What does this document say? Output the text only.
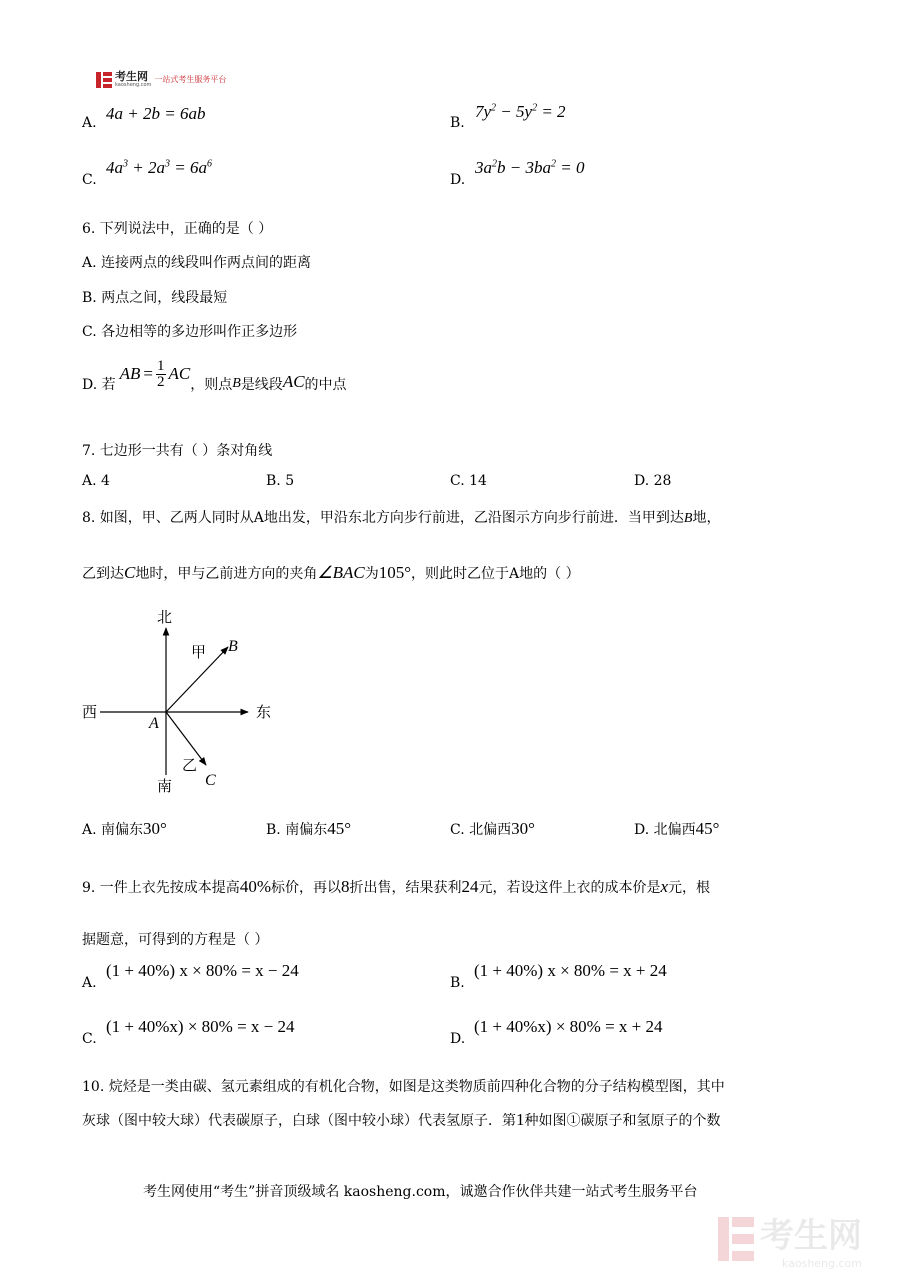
考生网
kaosheng.com
一站式考生服务平台
A. 4a + 2b = 6ab	B.
$7y^2 - 5y^2 = 2$
C.
$4a^3 + 2a^3 = 6a^6$
D.
$3a^2b - 3ba^2 = 0$
6. 下列说法中，正确的是（ ）
A. 连接两点的线段叫作两点间的距离
B. 两点之间，线段最短
C. 各边相等的多边形叫作正多边形
D. 若
AB = $\frac{1}{2}$ AC
，则点 B 是线段 AC 的中点
7. 七边形一共有（ ）条对角线
A. 4	B. 5	C. 14	D. 28
8. 如图，甲、乙两人同时从A地出发，甲沿东北方向步行前进，乙沿图示方向步行前进．当甲到达B地，
乙到达C地时，甲与乙前进方向的夹角∠BAC为105°，则此时乙位于A地的（ ）
北
南
西	东
甲
乙
A
B
C
A. 南偏东30°	B. 南偏东45°	C. 北偏西30°	D. 北偏西45°
9. 一件上衣先按成本提高40%标价，再以8折出售，结果获利24元，若设这件上衣的成本价是x元，根
据题意，可得到的方程是（ ）
A.
(1 + 40%) x × 80% = x − 24
B.
(1 + 40%) x × 80% = x + 24
C.
(1 + 40%x) × 80% = x − 24
D.
(1 + 40%x) × 80% = x + 24
10. 烷烃是一类由碳、氢元素组成的有机化合物，如图是这类物质前四种化合物的分子结构模型图，其中
灰球（图中较大球）代表碳原子，白球（图中较小球）代表氢原子．第1种如图①碳原子和氢原子的个数
考生网使用“考生”拼音顶级域名 kaosheng.com，诚邀合作伙伴共建一站式考生服务平台
考生网
kaosheng.com
